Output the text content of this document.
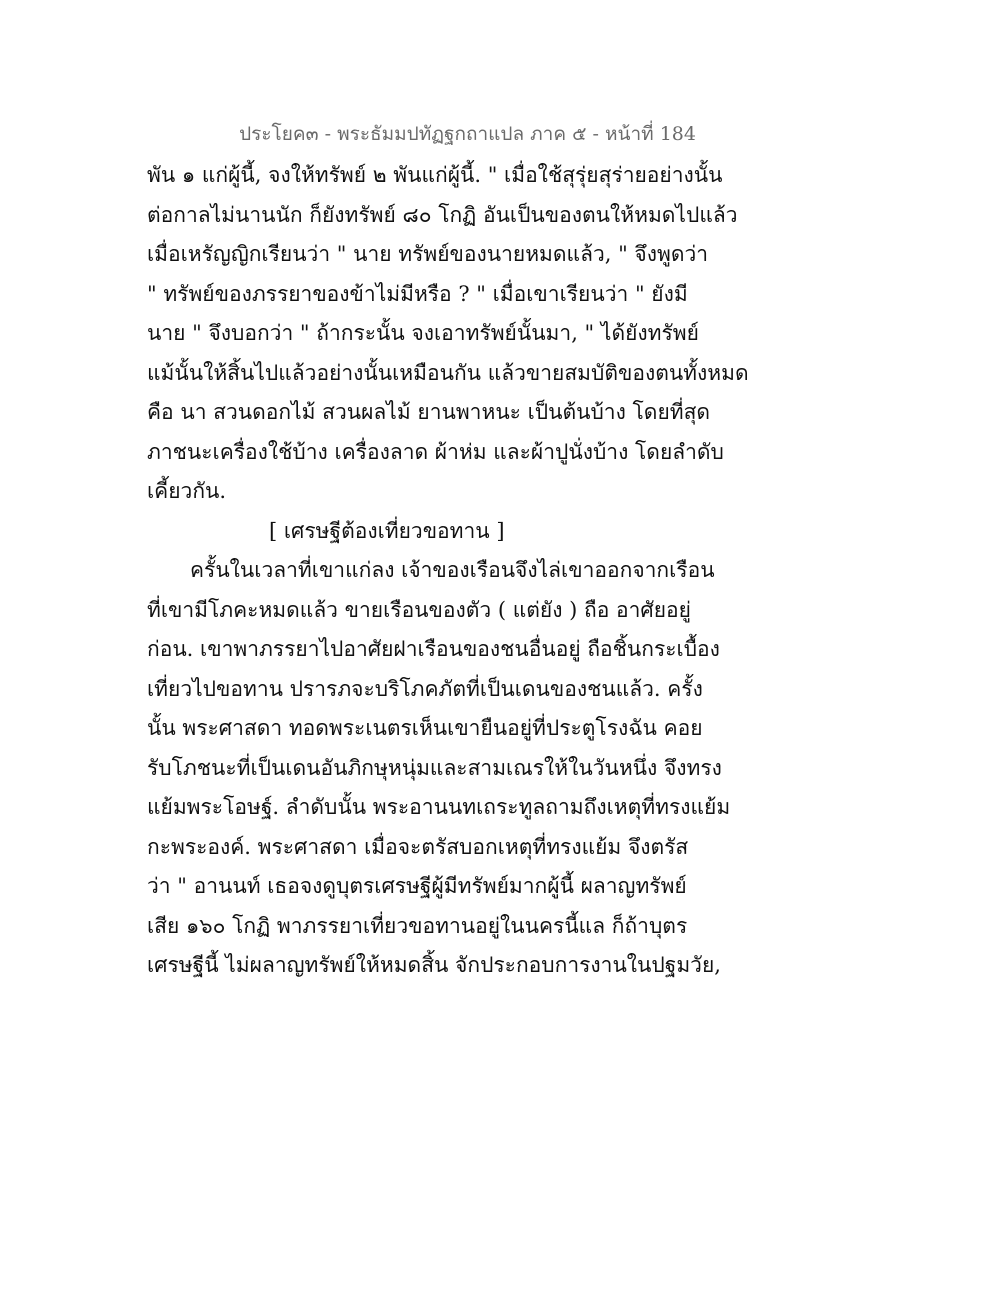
ประโยค๓ - พระธัมมปทัฏฐกถาแปล ภาค ๕ - หน้าที่ 184
พัน ๑ แก่ผู้นี้, จงให้ทรัพย์ ๒ พันแก่ผู้นี้. " เมื่อใช้สุรุ่ยสุร่ายอย่างนั้น
ต่อกาลไม่นานนัก ก็ยังทรัพย์ ๘๐ โกฏิ อันเป็นของตนให้หมดไปแล้ว
เมื่อเหรัญญิกเรียนว่า " นาย ทรัพย์ของนายหมดแล้ว, " จึงพูดว่า
" ทรัพย์ของภรรยาของข้าไม่มีหรือ ? " เมื่อเขาเรียนว่า " ยังมี
นาย " จึงบอกว่า " ถ้ากระนั้น จงเอาทรัพย์นั้นมา, " ได้ยังทรัพย์
แม้นั้นให้สิ้นไปแล้วอย่างนั้นเหมือนกัน แล้วขายสมบัติของตนทั้งหมด
คือ นา สวนดอกไม้ สวนผลไม้ ยานพาหนะ เป็นต้นบ้าง โดยที่สุด
ภาชนะเครื่องใช้บ้าง เครื่องลาด ผ้าห่ม และผ้าปูนั่งบ้าง โดยลำดับ
เคี้ยวกัน.
[ เศรษฐีต้องเที่ยวขอทาน ]
ครั้นในเวลาที่เขาแก่ลง เจ้าของเรือนจึงไล่เขาออกจากเรือน
ที่เขามีโภคะหมดแล้ว ขายเรือนของตัว ( แต่ยัง ) ถือ อาศัยอยู่
ก่อน. เขาพาภรรยาไปอาศัยฝาเรือนของชนอื่นอยู่ ถือชิ้นกระเบื้อง
เที่ยวไปขอทาน ปรารภจะบริโภคภัตที่เป็นเดนของชนแล้ว. ครั้ง
นั้น พระศาสดา ทอดพระเนตรเห็นเขายืนอยู่ที่ประตูโรงฉัน คอย
รับโภชนะที่เป็นเดนอันภิกษุหนุ่มและสามเณรให้ในวันหนึ่ง จึงทรง
แย้มพระโอษฐ์. ลำดับนั้น พระอานนทเถระทูลถามถึงเหตุที่ทรงแย้ม
กะพระองค์. พระศาสดา เมื่อจะตรัสบอกเหตุที่ทรงแย้ม จึงตรัส
ว่า " อานนท์ เธอจงดูบุตรเศรษฐีผู้มีทรัพย์มากผู้นี้ ผลาญทรัพย์
เสีย ๑๖๐ โกฏิ พาภรรยาเที่ยวขอทานอยู่ในนครนี้แล ก็ถ้าบุตร
เศรษฐีนี้ ไม่ผลาญทรัพย์ให้หมดสิ้น จักประกอบการงานในปฐมวัย,
